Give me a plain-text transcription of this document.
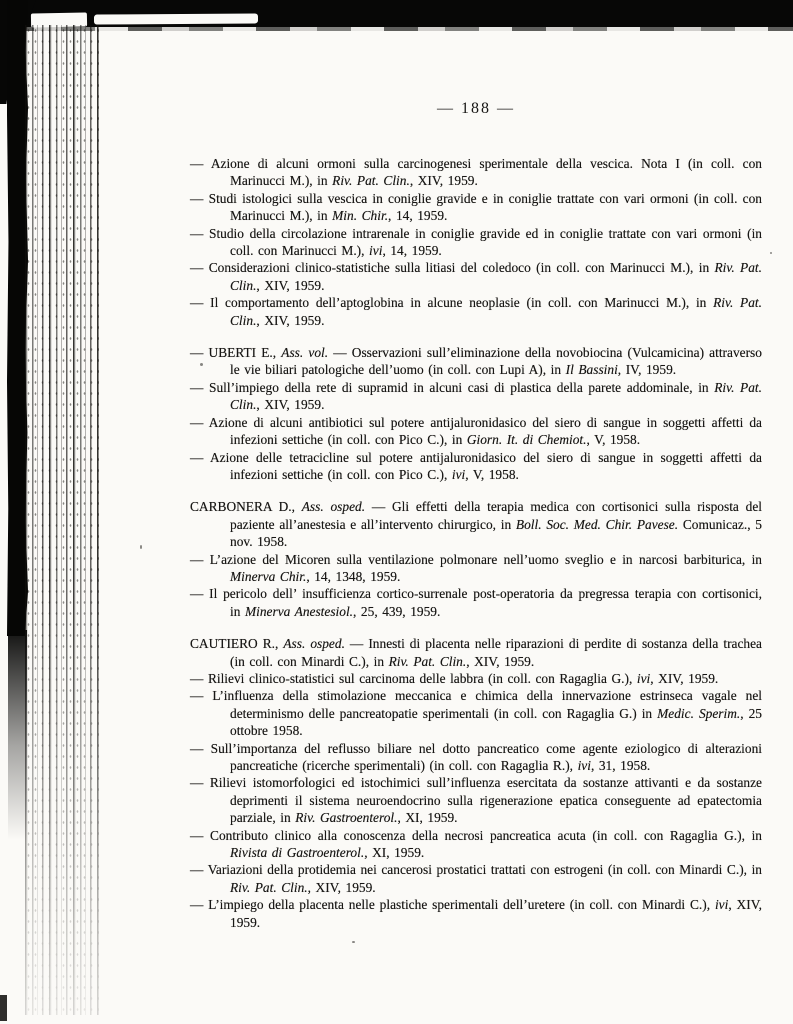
— 188 —

— Azione di alcuni ormoni sulla carcinogenesi sperimentale della vescica. Nota I (in coll. con Marinucci M.), in Riv. Pat. Clin., XIV, 1959.

— Studi istologici sulla vescica in coniglie gravide e in coniglie trattate con vari ormoni (in coll. con Marinucci M.), in Min. Chir., 14, 1959.

— Studio della circolazione intrarenale in coniglie gravide ed in coniglie trattate con vari ormoni (in coll. con Marinucci M.), ivi, 14, 1959.

— Considerazioni clinico-statistiche sulla litiasi del coledoco (in coll. con Marinucci M.), in Riv. Pat. Clin., XIV, 1959.

— Il comportamento dell’aptoglobina in alcune neoplasie (in coll. con Marinucci M.), in Riv. Pat. Clin., XIV, 1959.

— UBERTI E., Ass. vol. — Osservazioni sull’eliminazione della novobiocina (Vulcamicina) attraverso le vie biliari patologiche dell’uomo (in coll. con Lupi A), in Il Bassini, IV, 1959.

— Sull’impiego della rete di supramid in alcuni casi di plastica della parete addominale, in Riv. Pat. Clin., XIV, 1959.

— Azione di alcuni antibiotici sul potere antijaluronidasico del siero di sangue in soggetti affetti da infezioni settiche (in coll. con Pico C.), in Giorn. It. di Chemiot., V, 1958.

— Azione delle tetracicline sul potere antijaluronidasico del siero di sangue in soggetti affetti da infezioni settiche (in coll. con Pico C.), ivi, V, 1958.

CARBONERA D., Ass. osped. — Gli effetti della terapia medica con cortisonici sulla risposta del paziente all’anestesia e all’intervento chirurgico, in Boll. Soc. Med. Chir. Pavese. Comunicaz., 5 nov. 1958.

— L’azione del Micoren sulla ventilazione polmonare nell’uomo sveglio e in narcosi barbiturica, in Minerva Chir., 14, 1348, 1959.

— Il pericolo dell’ insufficienza cortico-surrenale post-operatoria da pregressa terapia con cortisonici, in Minerva Anestesiol., 25, 439, 1959.

CAUTIERO R., Ass. osped. — Innesti di placenta nelle riparazioni di perdite di sostanza della trachea (in coll. con Minardi C.), in Riv. Pat. Clin., XIV, 1959.

— Rilievi clinico-statistici sul carcinoma delle labbra (in coll. con Ragaglia G.), ivi, XIV, 1959.

— L’influenza della stimolazione meccanica e chimica della innervazione estrinseca vagale nel determinismo delle pancreatopatie sperimentali (in coll. con Ragaglia G.) in Medic. Sperim., 25 ottobre 1958.

— Sull’importanza del reflusso biliare nel dotto pancreatico come agente eziologico di alterazioni pancreatiche (ricerche sperimentali) (in coll. con Ragaglia R.), ivi, 31, 1958.

— Rilievi istomorfologici ed istochimici sull’influenza esercitata da sostanze attivanti e da sostanze deprimenti il sistema neuroendocrino sulla rigenerazione epatica conseguente ad epatectomia parziale, in Riv. Gastroenterol., XI, 1959.

— Contributo clinico alla conoscenza della necrosi pancreatica acuta (in coll. con Ragaglia G.), in Rivista di Gastroenterol., XI, 1959.

— Variazioni della protidemia nei cancerosi prostatici trattati con estrogeni (in coll. con Minardi C.), in Riv. Pat. Clin., XIV, 1959.

— L’impiego della placenta nelle plastiche sperimentali dell’uretere (in coll. con Minardi C.), ivi, XIV, 1959.
